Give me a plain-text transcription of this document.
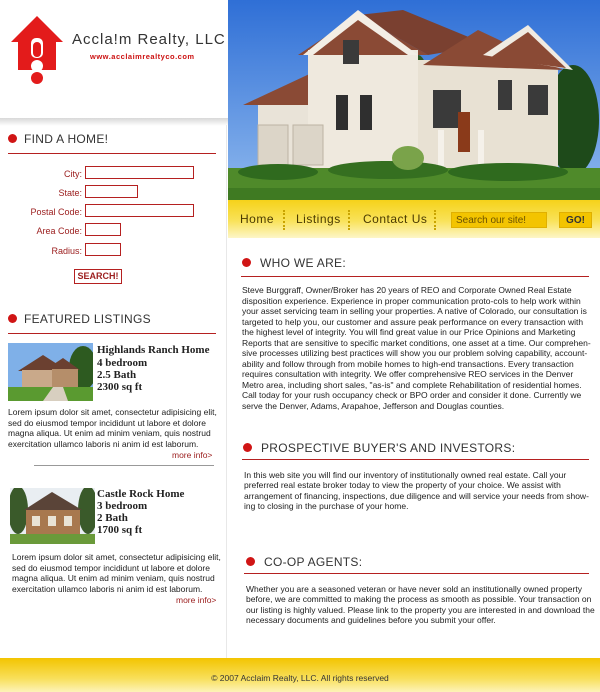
Accla!m Realty, LLC
www.acclaimrealtyco.com
Home Listings Contact Us	Search our site!	GO!
FIND A HOME!
City:
State:
Postal Code:
Area Code:
Radius:
SEARCH!
FEATURED LISTINGS
Highlands Ranch Home
4 bedroom
2.5 Bath
2300 sq ft
Lorem ipsum dolor sit amet, consectetur adipisicing elit,
sed do eiusmod tempor incididunt ut labore et dolore
magna aliqua. Ut enim ad minim veniam, quis nostrud
exercitation ullamco laboris ni anim id est laborum.
more info>
Castle Rock Home
3 bedroom
2 Bath
1700 sq ft
Lorem ipsum dolor sit amet, consectetur adipisicing elit,
sed do eiusmod tempor incididunt ut labore et dolore
magna aliqua. Ut enim ad minim veniam, quis nostrud
exercitation ullamco laboris ni anim id est laborum.
more info>
WHO WE ARE:
Steve Burggraff, Owner/Broker has 20 years of REO and Corporate Owned Real Estate
disposition experience. Experience in proper communication proto-cols to help work within
your asset servicing team in selling your properties. A native of Colorado, our consultation is
targeted to help you, our customer and assure peak performance on every transaction with
the highest level of integrity. You will find great value in our Price Opinions and Marketing
Reports that are sensitive to specific market conditions, one asset at a time. Our comprehen-
sive processes utilizing best practices will show you our problem solving capability, account-
ability and follow through from mobile homes to high-end transactions. Every transaction
requires consultation with integrity. We offer comprehensive REO services in the Denver
Metro area, including short sales, "as-is" and complete Rehabilitation of residential homes.
Call today for your rush occupancy check or BPO order and consider it done. Currently we
serve the Denver, Adams, Arapahoe, Jefferson and Douglas counties.
PROSPECTIVE BUYER'S AND INVESTORS:
In this web site you will find our inventory of institutionally owned real estate. Call your
preferred real estate broker today to view the property of your choice. We assist with
arrangement of financing, inspections, due diligence and will service your needs from show-
ing to closing in the purchase of your home.
CO-OP AGENTS:
Whether you are a seasoned veteran or have never sold an institutionally owned property
before, we are committed to making the process as smooth as possible. Your transaction on
our listing is highly valued. Please link to the property you are interested in and download the
necessary documents and guidelines before you submit your offer.
© 2007 Acclaim Realty, LLC. All rights reserved
